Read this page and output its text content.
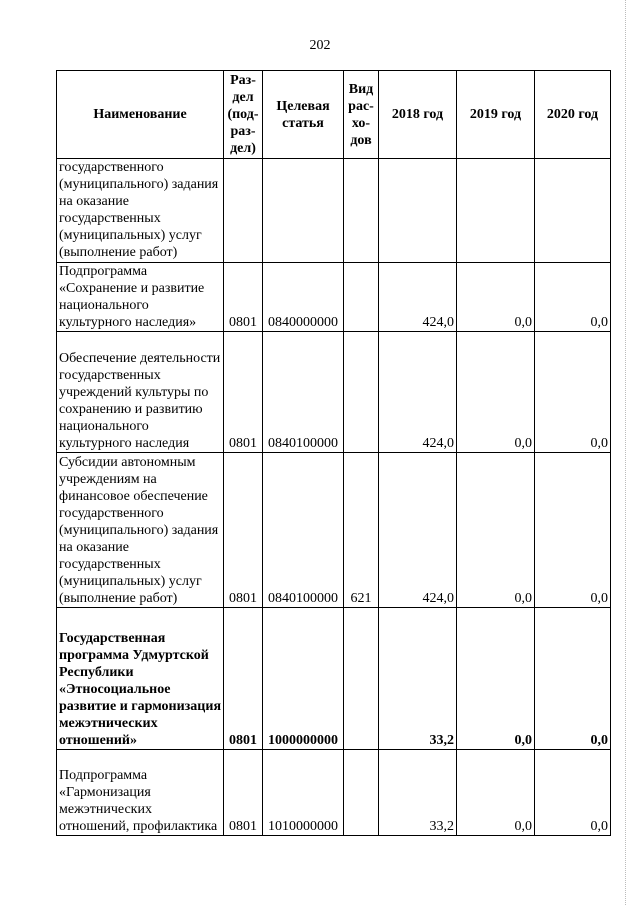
202
Наименование	Раз-дел (под-раз-дел)	Целевая статья	Вид рас-хо-дов	2018 год	2019 год	2020 год
государственного (муниципального) задания на оказание государственных (муниципальных) услуг (выполнение работ)						
Подпрограмма «Сохранение и развитие национального культурного наследия»	0801	0840000000		424,0	0,0	0,0
Обеспечение деятельности государственных учреждений культуры по сохранению и развитию национального культурного наследия	0801	0840100000		424,0	0,0	0,0
Субсидии автономным учреждениям на финансовое обеспечение государственного (муниципального) задания на оказание государственных (муниципальных) услуг (выполнение работ)	0801	0840100000	621	424,0	0,0	0,0
Государственная программа Удмуртской Республики «Этносоциальное развитие и гармонизация межэтнических отношений»	0801	1000000000		33,2	0,0	0,0
Подпрограмма «Гармонизация межэтнических отношений, профилактика	0801	1010000000		33,2	0,0	0,0
